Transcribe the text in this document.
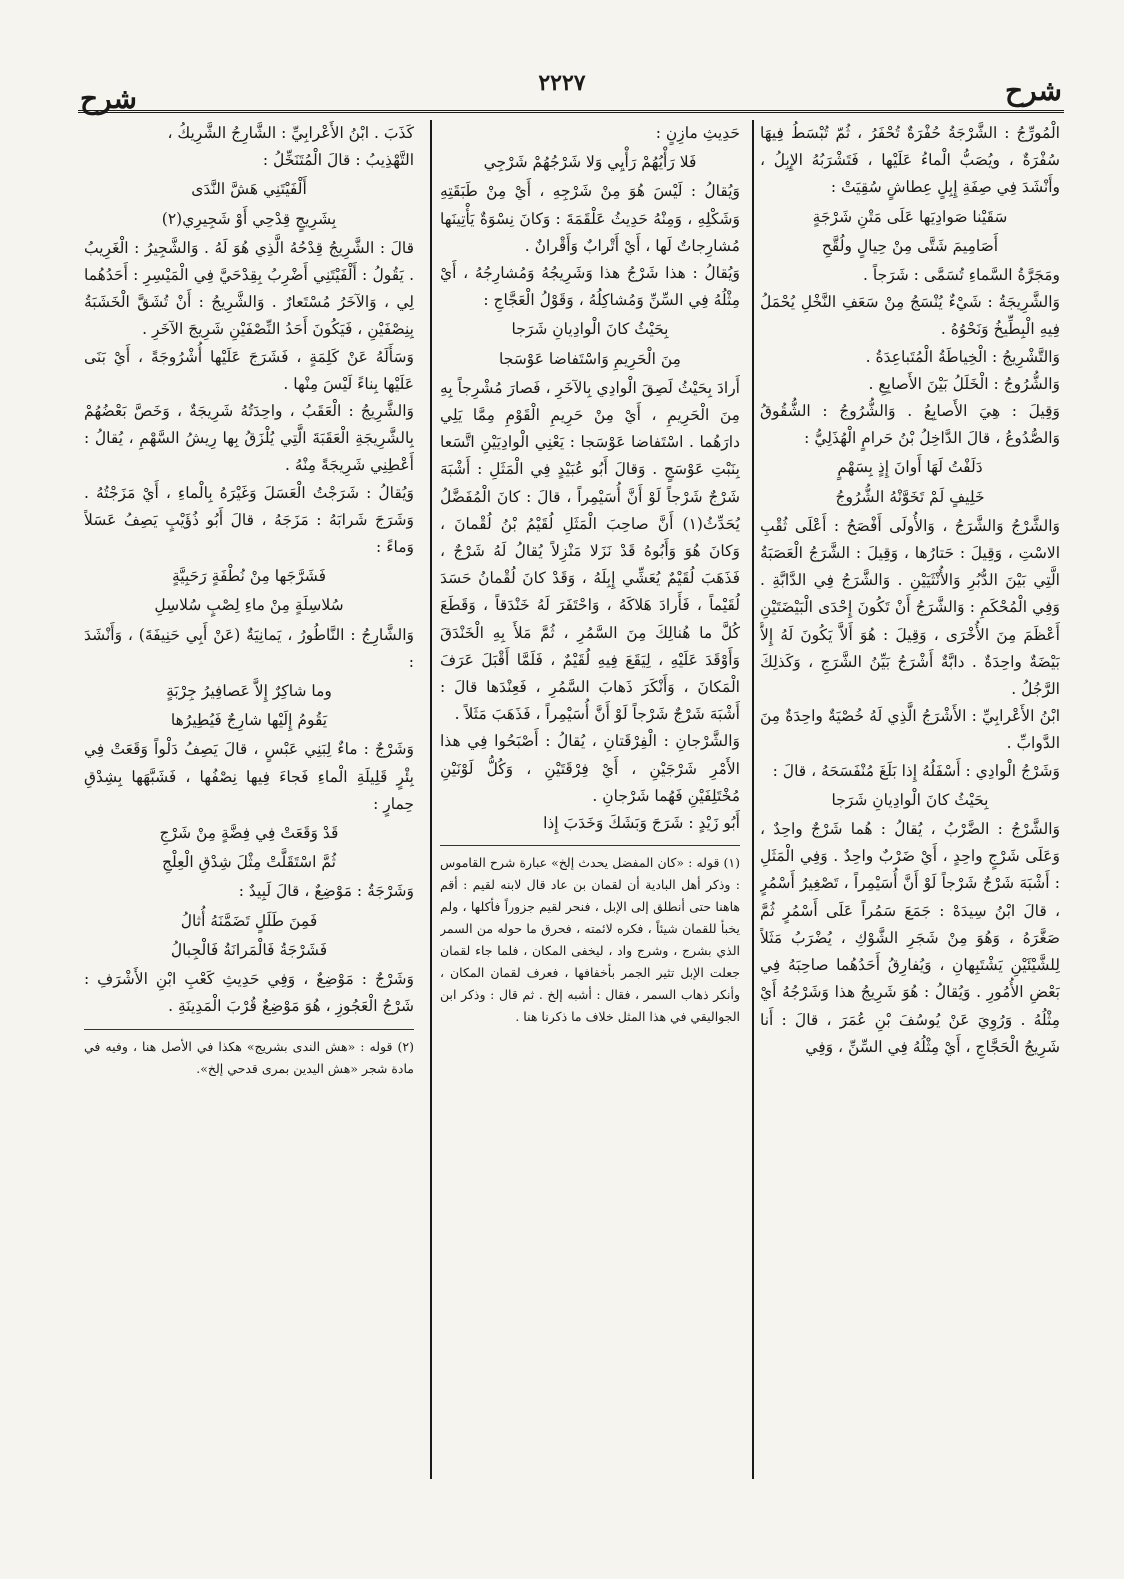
شرح
٢٢٢٧
شرح

الْمُورِّجُ : الشَّرْجَةُ حُفْرَةٌ تُحْفَرُ ، ثُمّ تُبْسَطُ فِيهَا سُفْرَةٌ ، ويُصَبُّ الْماءُ عَلَيْها ، فَتَشْرَبُهُ الإِبِلُ ، وأَنْشَدَ فِي صِفَةِ إِبِلٍ عِطاشٍ سُقِيَتْ :

سَقَيْنا صَوادِيَها عَلَى مَتْنِ شَرْجَةٍ

أَصَامِيمَ شَتَّى مِنْ حِيالٍ ولُقَّحِ

ومَجَرَّةُ السَّماءِ تُسَمَّى : شَرَجاً .

وَالشَّرِيجَةُ : شَيْءٌ يُنْسَجُ مِنْ سَعَفِ النَّخْلِ يُحْمَلُ فِيهِ الْبِطِّيخُ وَنَحْوُهُ .

وَالتَّشْرِيجُ : الْخِياطَةُ الْمُتَباعِدَةُ .

وَالشُّرُوجُ : الْخَلَلُ بَيْنَ الأَصابِعِ .

وَقِيلَ : هِيَ الأَصابِعُ . وَالشُّرُوجُ : الشُّقُوقُ وَالصُّدُوعُ ، قالَ الدَّاخِلُ بْنُ حَرامٍ الْهُذَلِيُّ :

دَلَفْتُ لَهَا أَوانَ إِذٍ بِسَهْمٍ

خَلِيفٍ لَمْ تَخَوَّنْهُ الشُّرُوجُ

وَالشَّرْجُ وَالشَّرَجُ ، وَالأُولَى أَفْصَحُ : أَعْلَى ثُقْبِ الاسْتِ ، وَقِيلَ : حَتارُها ، وَقِيلَ : الشَّرَجُ الْعَصَبَةُ الَّتِي بَيْنَ الدُّبُرِ وَالأُنْثَيَيْنِ . وَالشَّرَجُ فِي الدَّابَّةِ . وَفِي الْمُحْكَمِ : وَالشَّرَجُ أَنْ تَكُونَ إِحْدَى الْبَيْضَتَيْنِ أَعْظَمَ مِنَ الأُخْرَى ، وَقِيلَ : هُوَ أَلاَّ يَكُونَ لَهُ إِلاَّ بَيْضَةٌ واحِدَةٌ . دابَّةٌ أَشْرَجُ بَيِّنُ الشَّرَجِ ، وَكَذلِكَ الرَّجُلُ .

ابْنُ الأَعْرابِيِّ : الأَشْرَجُ الَّذِي لَهُ خُصْيَةٌ واحِدَةٌ مِنَ الدَّوابِّ .

وَشَرْجُ الْوادِي : أَسْفَلُهُ إِذا بَلَغَ مُنْفَسَحَهُ ، قالَ :

بِحَيْثُ كانَ الْوادِيانِ شَرَجا

وَالشَّرْجُ : الضَّرْبُ ، يُقالُ : هُما شَرْجٌ واحِدٌ ، وَعَلَى شَرْجٍ واحِدٍ ، أَيْ ضَرْبٌ واحِدٌ . وَفِي الْمَثَلِ : أَشْبَهَ شَرْجٌ شَرْجاً لَوْ أَنَّ أُسَيْمِراً ، تَصْغِيرُ أَسْمُرٍ ، قالَ ابْنُ سِيدَهْ : جَمَعَ سَمُراً عَلَى أَسْمُرٍ ثُمَّ صَغَّرَهُ ، وَهُوَ مِنْ شَجَرِ الشَّوْكِ ، يُضْرَبُ مَثَلاً لِلشَّيْئَيْنِ يَشْتَبِهانِ ، وَيُفارِقُ أَحَدُهُما صاحِبَهُ فِي بَعْضِ الأُمُورِ . وَيُقالُ : هُوَ شَرِيجُ هذا وَشَرْجُهُ أَيْ مِثْلُهُ . وَرُوِيَ عَنْ يُوسُفَ بْنِ عُمَرَ ، قالَ : أَنا شَرِيجُ الْحَجَّاجِ ، أَيْ مِثْلُهُ فِي السِّنِّ ، وَفِي

حَدِيثِ مازِنٍ :

فَلا رَأْيُهُمْ رَأْيِي وَلا شَرْجُهُمْ شَرْجِي

وَيُقالُ : لَيْسَ هُوَ مِنْ شَرْجِهِ ، أَيْ مِنْ طَبَقَتِهِ وَشَكْلِهِ ، وَمِنْهُ حَدِيثُ عَلْقَمَةَ : وَكانَ نِسْوَةٌ يَأْتِينَها مُشارِجاتٌ لَها ، أَيْ أَتْرابٌ وَأَقْرانٌ .

وَيُقالُ : هذا شَرْجُ هذا وَشَرِيجُهُ وَمُشارِجُهُ ، أَيْ مِثْلُهُ فِي السِّنِّ وَمُشاكِلُهُ ، وَقَوْلُ الْعَجَّاجِ :

بِحَيْثُ كانَ الْوادِيانِ شَرَجا

مِنَ الْحَرِيمِ وَاسْتَفاضا عَوْسَجا

أَرادَ بِحَيْثُ لَصِقَ الْوادِي بِالآخَرِ ، فَصارَ مُشْرِجاً بِهِ مِنَ الْحَرِيمِ ، أَيْ مِنْ حَرِيمِ الْقَوْمِ مِمَّا يَلِي دارَهُما . اسْتَفاضا عَوْسَجا : يَعْنِي الْوادِيَيْنِ اتَّسَعا بِنَبْتِ عَوْسَجٍ . وَقالَ أَبُو عُبَيْدٍ فِي الْمَثَلِ : أَشْبَهَ شَرْجٌ شَرْجاً لَوْ أَنَّ أُسَيْمِراً ، قالَ : كانَ الْمُفَضَّلُ يُحَدِّثُ(١) أَنَّ صاحِبَ الْمَثَلِ لُقَيْمُ بْنُ لُقْمانَ ، وَكانَ هُوَ وَأَبُوهُ قَدْ نَزَلا مَنْزِلاً يُقالُ لَهُ شَرْجٌ ، فَذَهَبَ لُقَيْمٌ يُعَشِّي إِبِلَهُ ، وَقَدْ كانَ لُقْمانُ حَسَدَ لُقَيْماً ، فَأَرادَ هَلاكَهُ ، وَاحْتَفَرَ لَهُ خَنْدَقاً ، وَقَطَعَ كُلَّ ما هُنالِكَ مِنَ السَّمُرِ ، ثُمَّ مَلأَ بِهِ الْخَنْدَقَ وَأَوْقَدَ عَلَيْهِ ، لِيَقَعَ فِيهِ لُقَيْمٌ ، فَلَمَّا أَقْبَلَ عَرَفَ الْمَكانَ ، وَأَنْكَرَ ذَهابَ السَّمُرِ ، فَعِنْدَها قالَ : أَشْبَهَ شَرْجٌ شَرْجاً لَوْ أَنَّ أُسَيْمِراً ، فَذَهَبَ مَثَلاً .

وَالشَّرْجانِ : الْفِرْقَتانِ ، يُقالُ : أَصْبَحُوا فِي هذا الأَمْرِ شَرْجَيْنِ ، أَيْ فِرْقَتَيْنِ ، وَكُلُّ لَوْنَيْنِ مُخْتَلِفَيْنِ فَهُما شَرْجانِ .

أَبُو زَيْدٍ : شَرَجَ وَبَشَكَ وَخَدَبَ إِذا

(١) قوله : «كان المفضل يحدث إلخ» عبارة شرح القاموس : وذكر أهل البادية أن لقمان بن عاد قال لابنه لقيم : أقم هاهنا حتى أنطلق إلى الإبل ، فنحر لقيم جزوراً فأكلها ، ولم يخبأ للقمان شيئاً ، فكره لائمته ، فحرق ما حوله من السمر الذي بشرج ، وشرج واد ، ليخفى المكان ، فلما جاء لقمان جعلت الإبل تثير الجمر بأخفافها ، فعرف لقمان المكان ، وأنكر ذهاب السمر ، فقال : أشبه إلخ . ثم قال : وذكر ابن الجواليقي في هذا المثل خلاف ما ذكرنا هنا .

كَذَبَ . ابْنُ الأَعْرابِيِّ : الشَّارِجُ الشَّرِيكُ ،

التَّهْذِيبُ : قالَ الْمُتَنَخِّلُ :

أَلْفَيْتَنِي هَشَّ النَّدَى

بِشَرِيجٍ قِدْحِي أَوْ شَجِيرِي(٢)

قالَ : الشَّرِيجُ قِدْحُهُ الَّذِي هُوَ لَهُ . وَالشَّجِيرُ : الْغَرِيبُ . يَقُولُ : أَلْفَيْتَنِي أَضْرِبُ بِقِدْحَيَّ فِي الْمَيْسِرِ : أَحَدُهُما لِي ، وَالآخَرُ مُسْتَعارٌ . وَالشَّرِيجُ : أَنْ تُشَقَّ الْخَشَبَةُ بِنِصْفَيْنِ ، فَيَكُونَ أَحَدُ النِّصْفَيْنِ شَرِيجَ الآخَرِ .

وَسَأَلَهُ عَنْ كَلِمَةٍ ، فَشَرَجَ عَلَيْها أُشْرُوجَةً ، أَيْ بَنَى عَلَيْها بِناءً لَيْسَ مِنْها .

وَالشَّرِيجُ : الْعَقَبُ ، واحِدَتُهُ شَرِيجَةٌ ، وَخَصَّ بَعْضُهُمْ بِالشَّرِيجَةِ الْعَقَبَةَ الَّتِي يُلْزَقُ بِها رِيشُ السَّهْمِ ، يُقالُ : أَعْطِنِي شَرِيجَةً مِنْهُ .

وَيُقالُ : شَرَجْتُ الْعَسَلَ وَغَيْرَهُ بِالْماءِ ، أَيْ مَزَجْتُهُ . وَشَرَجَ شَرابَهُ : مَزَجَهُ ، قالَ أَبُو ذُؤَيْبٍ يَصِفُ عَسَلاً وَماءً :

فَشَرَّجَها مِنْ نُطْفَةٍ رَحَبِيَّةٍ

سُلاسِلَةٍ مِنْ ماءِ لِصْبٍ سُلاسِلِ

وَالشَّارِجُ : النَّاطُورُ ، يَمانِيَةٌ (عَنْ أَبِي حَنِيفَةَ) ، وَأَنْشَدَ :

وما شاكِرٌ إِلاَّ عَصافِيرُ جِرْبَةٍ

يَقُومُ إِلَيْها شارِجٌ فَيُطِيرُها

وَشَرْجٌ : ماءٌ لِبَنِي عَبْسٍ ، قالَ يَصِفُ دَلْواً وَقَعَتْ فِي بِئْرٍ قَلِيلَةِ الْماءِ فَجاءَ فِيها نِصْفُها ، فَشَبَّهَها بِشِدْقِ حِمارٍ :

قَدْ وَقَعَتْ فِي فِضَّةٍ مِنْ شَرْجِ

ثُمَّ اسْتَقَلَّتْ مِثْلَ شِدْقِ الْعِلْجِ

وَشَرْجَةُ : مَوْضِعٌ ، قالَ لَبِيدٌ :

فَمِنَ طَلَلٍ تَضَمَّنَهُ أُثالُ

فَشَرْجَةُ فَالْمَرانَةُ فَالْجِبالُ

وَشَرْجٌ : مَوْضِعٌ ، وَفِي حَدِيثِ كَعْبِ ابْنِ الأَشْرَفِ : شَرْجُ الْعَجُوزِ ، هُوَ مَوْضِعٌ قُرْبَ الْمَدِينَةِ .

(٢) قوله : «هش الندى بشريج» هكذا في الأصل هنا ، وفيه في مادة شجر «هش اليدين بمرى قدحي إلخ».
